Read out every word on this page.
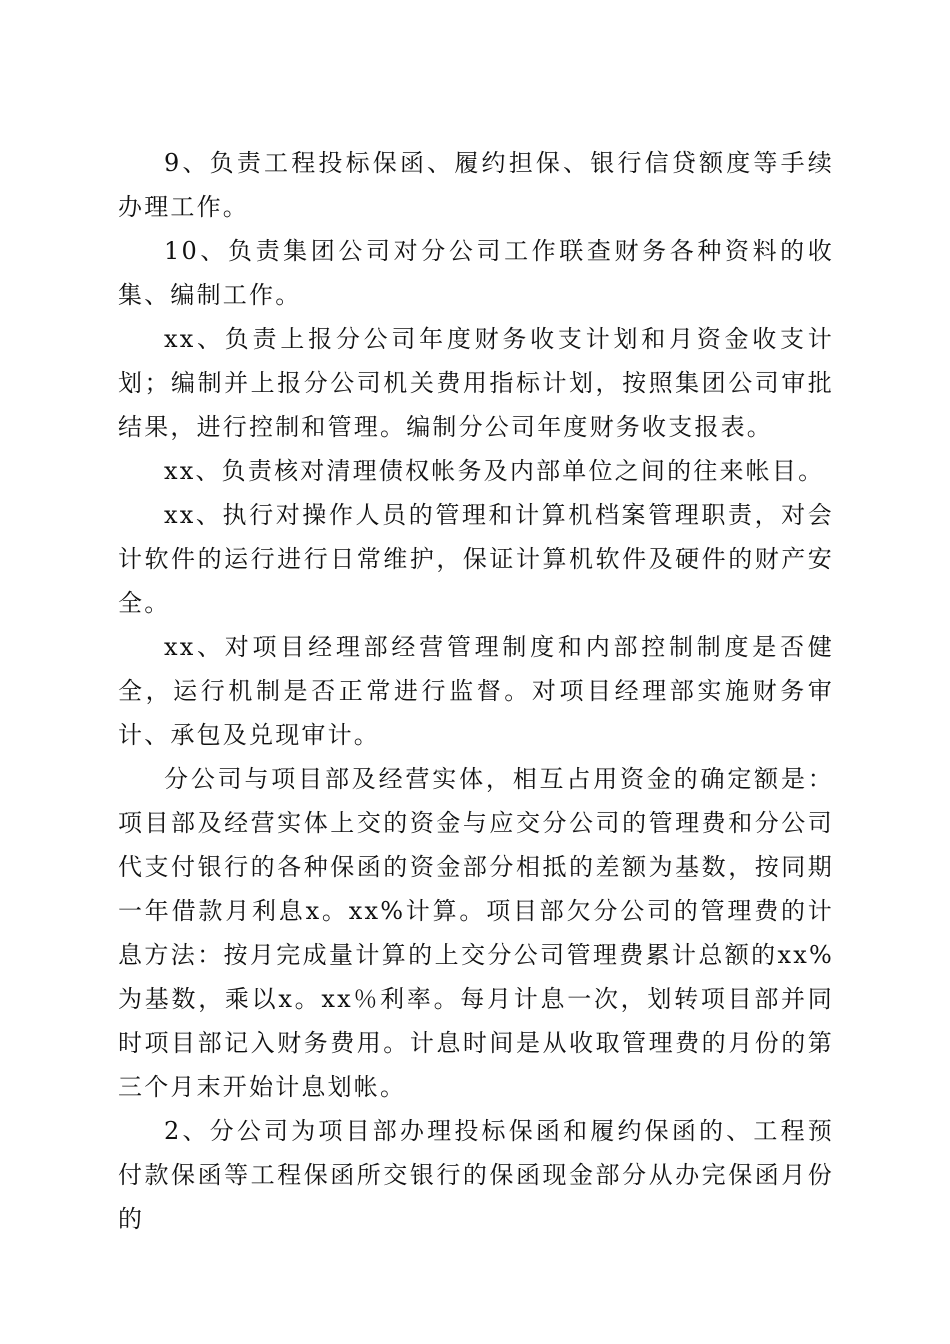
9、负责工程投标保函、履约担保、银行信贷额度等手续办理工作。

10、负责集团公司对分公司工作联查财务各种资料的收集、编制工作。

xx、负责上报分公司年度财务收支计划和月资金收支计划；编制并上报分公司机关费用指标计划，按照集团公司审批结果，进行控制和管理。编制分公司年度财务收支报表。

xx、负责核对清理债权帐务及内部单位之间的往来帐目。

xx、执行对操作人员的管理和计算机档案管理职责，对会计软件的运行进行日常维护，保证计算机软件及硬件的财产安全。

xx、对项目经理部经营管理制度和内部控制制度是否健全，运行机制是否正常进行监督。对项目经理部实施财务审计、承包及兑现审计。

分公司与项目部及经营实体，相互占用资金的确定额是：项目部及经营实体上交的资金与应交分公司的管理费和分公司代支付银行的各种保函的资金部分相抵的差额为基数，按同期一年借款月利息x。xx%计算。项目部欠分公司的管理费的计息方法：按月完成量计算的上交分公司管理费累计总额的xx%为基数，乘以x。xx％利率。每月计息一次，划转项目部并同时项目部记入财务费用。计息时间是从收取管理费的月份的第三个月末开始计息划帐。

2、分公司为项目部办理投标保函和履约保函的、工程预付款保函等工程保函所交银行的保函现金部分从办完保函月份的
